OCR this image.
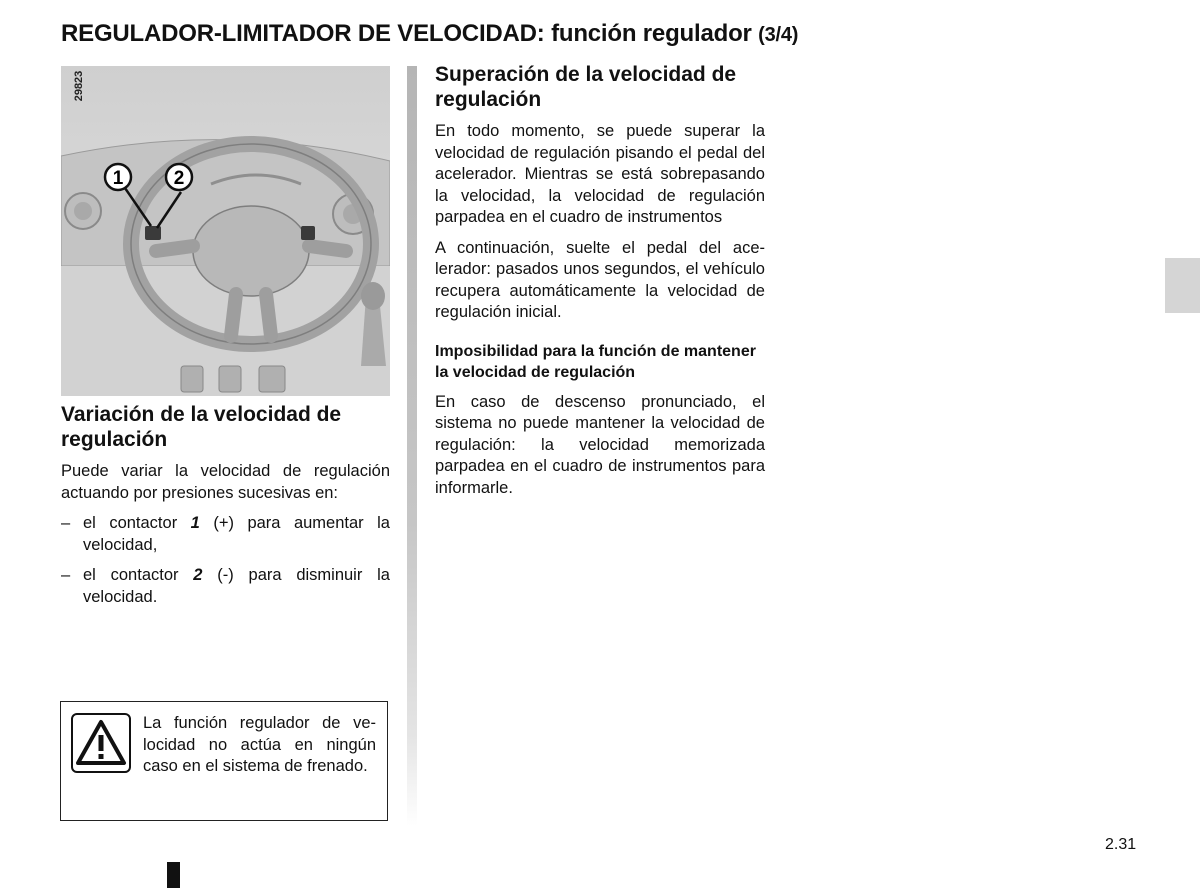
REGULADOR-LIMITADOR DE VELOCIDAD: función regulador (3/4)
1	2
29823
Variación de la velocidad de regulación
Puede variar la velocidad de regulación actuando por presiones sucesivas en:
– el contactor 1 (+) para aumentar la velocidad,
– el contactor 2 (-) para disminuir la velocidad.
Superación de la velocidad de regulación
En todo momento, se puede superar la velocidad de regulación pisando el pedal del acelerador. Mientras se está sobrepasando la velocidad, la velocidad de regulación parpadea en el cuadro de instrumentos
A continuación, suelte el pedal del acelerador: pasados unos segundos, el vehículo recupera automáticamente la velocidad de regulación inicial.
Imposibilidad para la función de mantener la velocidad de regulación
En caso de descenso pronunciado, el sistema no puede mantener la velocidad de regulación: la velocidad memorizada parpadea en el cuadro de instrumentos para informarle.
La función regulador de velocidad no actúa en ningún caso en el sistema de frenado.
2.31
